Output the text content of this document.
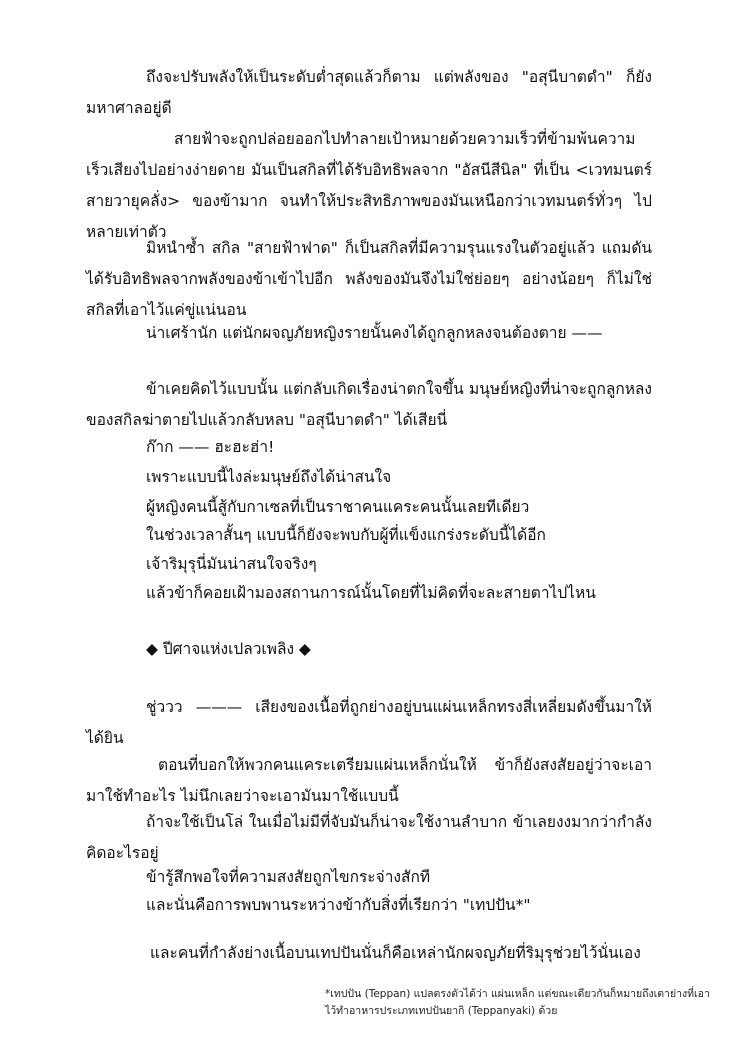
ถึงจะปรับพลังให้เป็นระดับต่ำสุดแล้วก็ตาม แต่พลังของ "อสุนีบาตดำ" ก็ยังมหาศาลอยู่ดี

สายฟ้าจะถูกปล่อยออกไปทำลายเป้าหมายด้วยความเร็วที่ข้ามพ้นความ เร็วเสียงไปอย่างง่ายดาย มันเป็นสกิลที่ได้รับอิทธิพลจาก "อัสนีสีนิล" ที่เป็น <เวทมนตร์สายวายุคลั่ง> ของข้ามาก จนทำให้ประสิทธิภาพของมันเหนือกว่าเวทมนตร์ทั่วๆ ไปหลายเท่าตัว

มิหนำซ้ำ สกิล "สายฟ้าฟาด" ก็เป็นสกิลที่มีความรุนแรงในตัวอยู่แล้ว แถมดันได้รับอิทธิพลจากพลังของข้าเข้าไปอีก พลังของมันจึงไม่ใช่ย่อยๆ อย่างน้อยๆ ก็ไม่ใช่สกิลที่เอาไว้แค่ขู่แน่นอน

น่าเศร้านัก แต่นักผจญภัยหญิงรายนั้นคงได้ถูกลูกหลงจนต้องตาย ——

ข้าเคยคิดไว้แบบนั้น แต่กลับเกิดเรื่องน่าตกใจขึ้น มนุษย์หญิงที่น่าจะถูกลูกหลงของสกิลฆ่าตายไปแล้วกลับหลบ "อสุนีบาตดำ" ได้เสียนี่

ก๊าก —— ฮะฮะฮ่า!

เพราะแบบนี้ไงล่ะมนุษย์ถึงได้น่าสนใจ

ผู้หญิงคนนี้สู้กับกาเซลที่เป็นราชาคนแคระคนนั้นเลยทีเดียว

ในช่วงเวลาสั้นๆ แบบนี้ก็ยังจะพบกับผู้ที่แข็งแกร่งระดับนี้ได้อีก

เจ้าริมุรุนี่มันน่าสนใจจริงๆ

แล้วข้าก็คอยเฝ้ามองสถานการณ์นั้นโดยที่ไม่คิดที่จะละสายตาไปไหน

◆ ปีศาจแห่งเปลวเพลิง ◆

ชู่ววว ——— เสียงของเนื้อที่ถูกย่างอยู่บนแผ่นเหล็กทรงสี่เหลี่ยมดังขึ้นมาให้ได้ยิน

ตอนที่บอกให้พวกคนแคระเตรียมแผ่นเหล็กนั่นให้ ข้าก็ยังสงสัยอยู่ว่าจะเอามาใช้ทำอะไร ไม่นึกเลยว่าจะเอามันมาใช้แบบนี้

ถ้าจะใช้เป็นโล่ ในเมื่อไม่มีที่จับมันก็น่าจะใช้งานลำบาก ข้าเลยงงมากว่ากำลังคิดอะไรอยู่

ข้ารู้สึกพอใจที่ความสงสัยถูกไขกระจ่างสักที

และนั่นคือการพบพานระหว่างข้ากับสิ่งที่เรียกว่า "เทปปัน*"

และคนที่กำลังย่างเนื้อบนเทปปันนั่นก็คือเหล่านักผจญภัยที่ริมุรุช่วยไว้นั่นเอง

*เทปปัน (Teppan) แปลตรงตัวได้ว่า แผ่นเหล็ก แต่ขณะเดียวกันก็หมายถึงเตาย่างที่เอาไว้ทำอาหารประเภทเทปปันยากิ (Teppanyaki) ด้วย
